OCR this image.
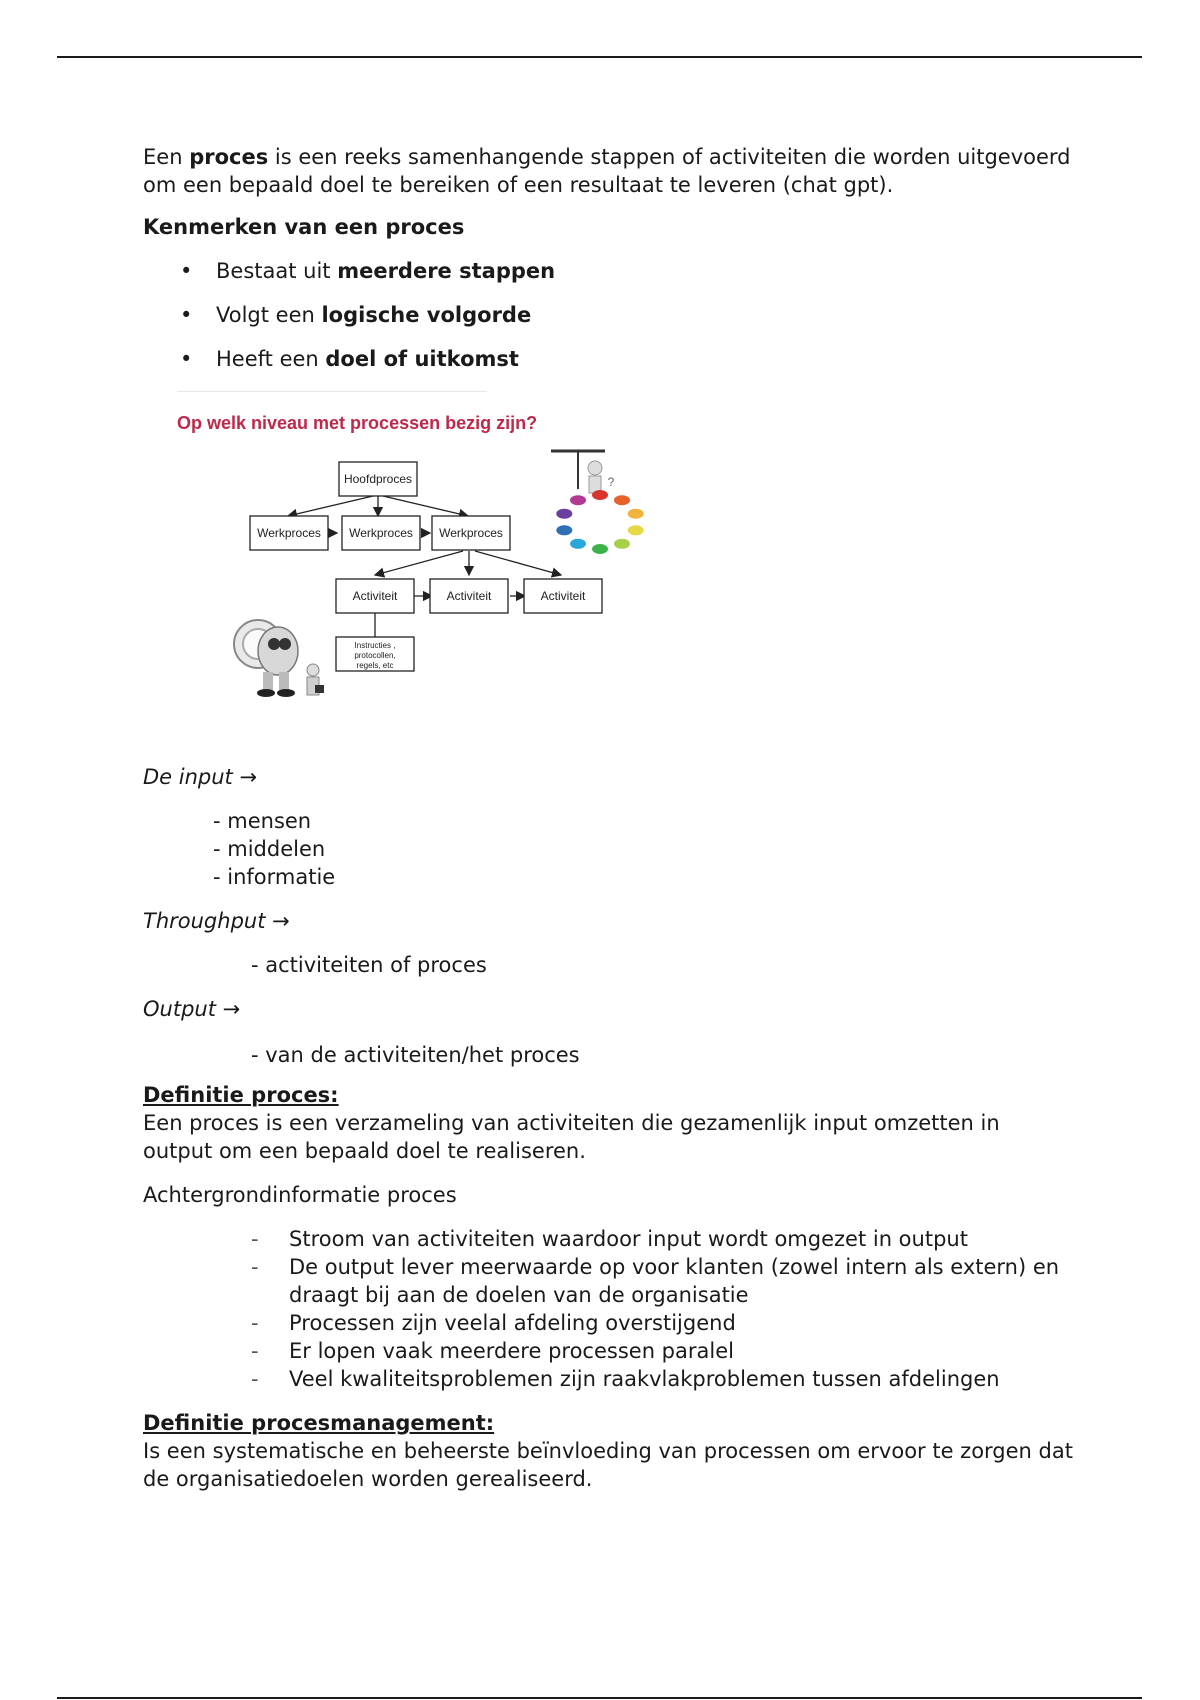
Een proces is een reeks samenhangende stappen of activiteiten die worden uitgevoerd om een bepaald doel te bereiken of een resultaat te leveren (chat gpt).

Kenmerken van een proces

• Bestaat uit meerdere stappen
• Volgt een logische volgorde
• Heeft een doel of uitkomst
Op welk niveau met processen bezig zijn?
Hoofdproces
Werkproces Werkproces Werkproces
Activiteit	Activiteit	Activiteit
Instructies ,
protocollen,
regels, etc
?

De input →

- mensen

- middelen

- informatie

Throughput →

- activiteiten of proces

Output →

- van de activiteiten/het proces

Definitie proces:

Een proces is een verzameling van activiteiten die gezamenlijk input omzetten in output om een bepaald doel te realiseren.

Achtergrondinformatie proces

- Stroom van activiteiten waardoor input wordt omgezet in output
- De output lever meerwaarde op voor klanten (zowel intern als extern) en draagt bij aan de doelen van de organisatie
- Processen zijn veelal afdeling overstijgend
- Er lopen vaak meerdere processen paralel
- Veel kwaliteitsproblemen zijn raakvlakproblemen tussen afdelingen

Definitie procesmanagement:

Is een systematische en beheerste beïnvloeding van processen om ervoor te zorgen dat de organisatiedoelen worden gerealiseerd.
